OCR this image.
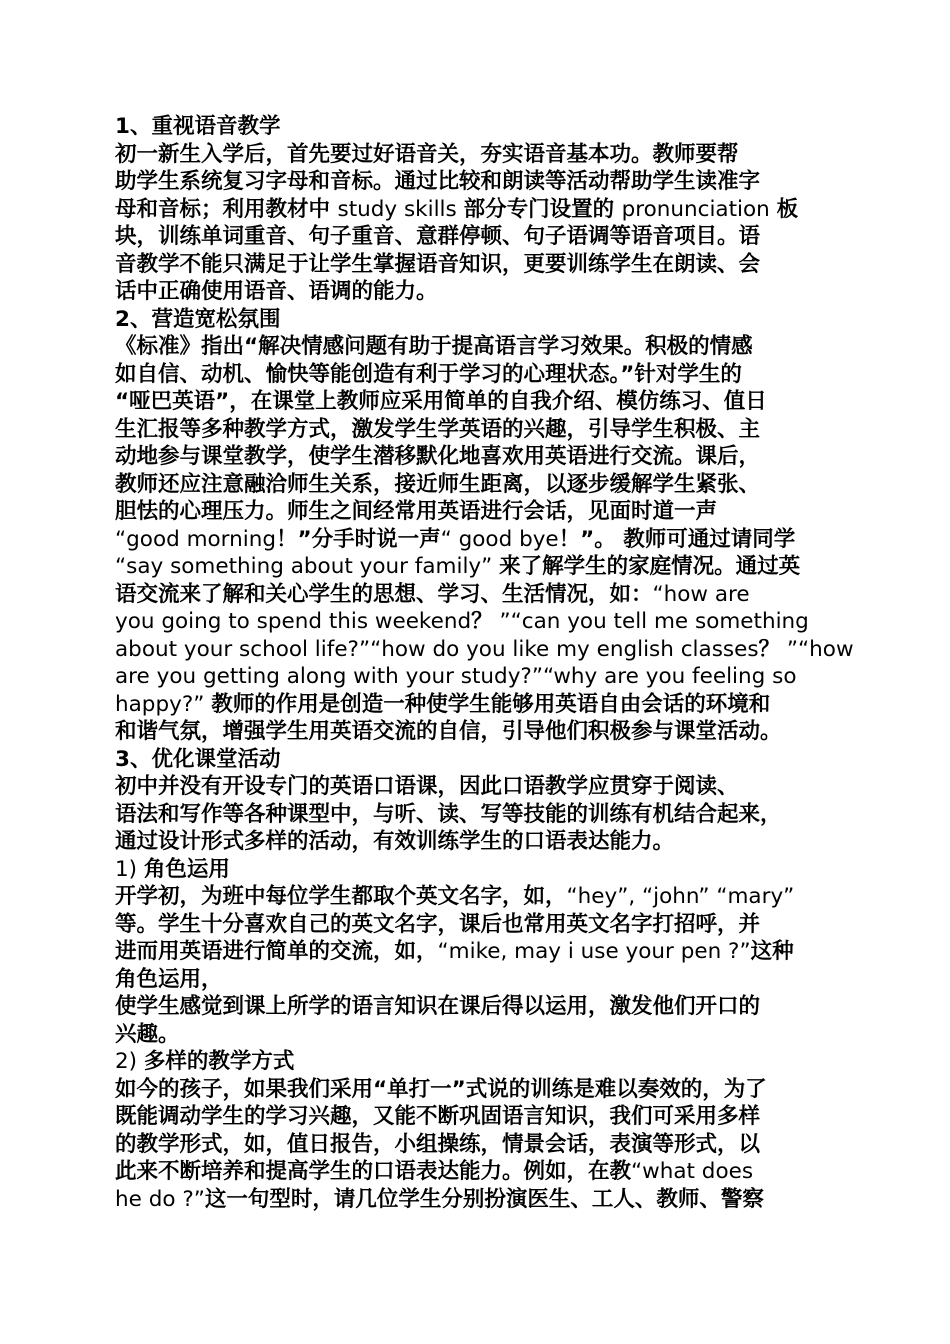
1、重视语音教学
初一新生入学后，首先要过好语音关，夯实语音基本功。教师要帮
助学生系统复习字母和音标。通过比较和朗读等活动帮助学生读准字
母和音标；利用教材中 study skills 部分专门设置的 pronunciation 板
块，训练单词重音、句子重音、意群停顿、句子语调等语音项目。语
音教学不能只满足于让学生掌握语音知识，更要训练学生在朗读、会
话中正确使用语音、语调的能力。
2、营造宽松氛围
《标准》指出“解决情感问题有助于提高语言学习效果。积极的情感
如自信、动机、愉快等能创造有利于学习的心理状态。”针对学生的
“哑巴英语”，在课堂上教师应采用简单的自我介绍、模仿练习、值日
生汇报等多种教学方式，激发学生学英语的兴趣，引导学生积极、主
动地参与课堂教学，使学生潜移默化地喜欢用英语进行交流。课后，
教师还应注意融洽师生关系，接近师生距离，以逐步缓解学生紧张、
胆怯的心理压力。师生之间经常用英语进行会话，见面时道一声
“good morning！”分手时说一声“ good bye！”。 教师可通过请同学
“say something about your family” 来了解学生的家庭情况。通过英
语交流来了解和关心学生的思想、学习、生活情况，如：“how are
you going to spend this weekend？ ”“can you tell me something
about your school life?”“how do you like my english classes？ ”“how
are you getting along with your study?”“why are you feeling so
happy?” 教师的作用是创造一种使学生能够用英语自由会话的环境和
和谐气氛，增强学生用英语交流的自信，引导他们积极参与课堂活动。
3、优化课堂活动
初中并没有开设专门的英语口语课，因此口语教学应贯穿于阅读、
语法和写作等各种课型中，与听、读、写等技能的训练有机结合起来，
通过设计形式多样的活动，有效训练学生的口语表达能力。
1) 角色运用
开学初，为班中每位学生都取个英文名字，如，“hey”, “john” “mary”
等。学生十分喜欢自己的英文名字，课后也常用英文名字打招呼，并
进而用英语进行简单的交流，如，“mike, may i use your pen ?”这种
角色运用，
使学生感觉到课上所学的语言知识在课后得以运用，激发他们开口的
兴趣。
2) 多样的教学方式
如今的孩子，如果我们采用“单打一”式说的训练是难以奏效的，为了
既能调动学生的学习兴趣，又能不断巩固语言知识，我们可采用多样
的教学形式，如，值日报告，小组操练，情景会话，表演等形式，以
此来不断培养和提高学生的口语表达能力。例如，在教“what does
he do ?”这一句型时，请几位学生分别扮演医生、工人、教师、警察
